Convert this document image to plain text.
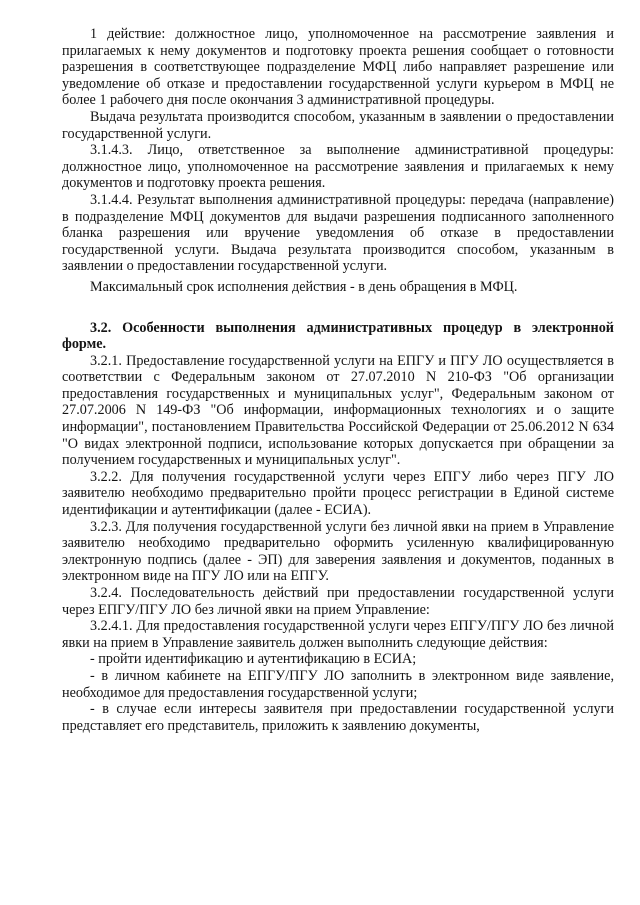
1 действие: должностное лицо, уполномоченное на рассмотрение заявления и прилагаемых к нему документов и подготовку проекта решения сообщает о готовности разрешения в соответствующее подразделение МФЦ либо направляет разрешение или уведомление об отказе и предоставлении государственной услуги курьером в МФЦ не более 1 рабочего дня после окончания 3 административной процедуры.

Выдача результата производится способом, указанным в заявлении о предоставлении государственной услуги.

3.1.4.3. Лицо, ответственное за выполнение административной процедуры: должностное лицо, уполномоченное на рассмотрение заявления и прилагаемых к нему документов и подготовку проекта решения.

3.1.4.4. Результат выполнения административной процедуры: передача (направление) в подразделение МФЦ документов для выдачи разрешения подписанного заполненного бланка разрешения или вручение уведомления об отказе в предоставлении государственной услуги. Выдача результата производится способом, указанным в заявлении о предоставлении государственной услуги.

Максимальный срок исполнения действия - в день обращения в МФЦ.

3.2. Особенности выполнения административных процедур в электронной форме.

3.2.1. Предоставление государственной услуги на ЕПГУ и ПГУ ЛО осуществляется в соответствии с Федеральным законом от 27.07.2010 N 210-ФЗ "Об организации предоставления государственных и муниципальных услуг", Федеральным законом от 27.07.2006 N 149-ФЗ "Об информации, информационных технологиях и о защите информации", постановлением Правительства Российской Федерации от 25.06.2012 N 634 "О видах электронной подписи, использование которых допускается при обращении за получением государственных и муниципальных услуг".

3.2.2. Для получения государственной услуги через ЕПГУ либо через ПГУ ЛО заявителю необходимо предварительно пройти процесс регистрации в Единой системе идентификации и аутентификации (далее - ЕСИА).

3.2.3. Для получения государственной услуги без личной явки на прием в Управление заявителю необходимо предварительно оформить усиленную квалифицированную электронную подпись (далее - ЭП) для заверения заявления и документов, поданных в электронном виде на ПГУ ЛО или на ЕПГУ.

3.2.4. Последовательность действий при предоставлении государственной услуги через ЕПГУ/ПГУ ЛО без личной явки на прием Управление:

3.2.4.1. Для предоставления государственной услуги через ЕПГУ/ПГУ ЛО без личной явки на прием в Управление заявитель должен выполнить следующие действия:

- пройти идентификацию и аутентификацию в ЕСИА;

- в личном кабинете на ЕПГУ/ПГУ ЛО заполнить в электронном виде заявление, необходимое для предоставления государственной услуги;

- в случае если интересы заявителя при предоставлении государственной услуги представляет его представитель, приложить к заявлению документы,
